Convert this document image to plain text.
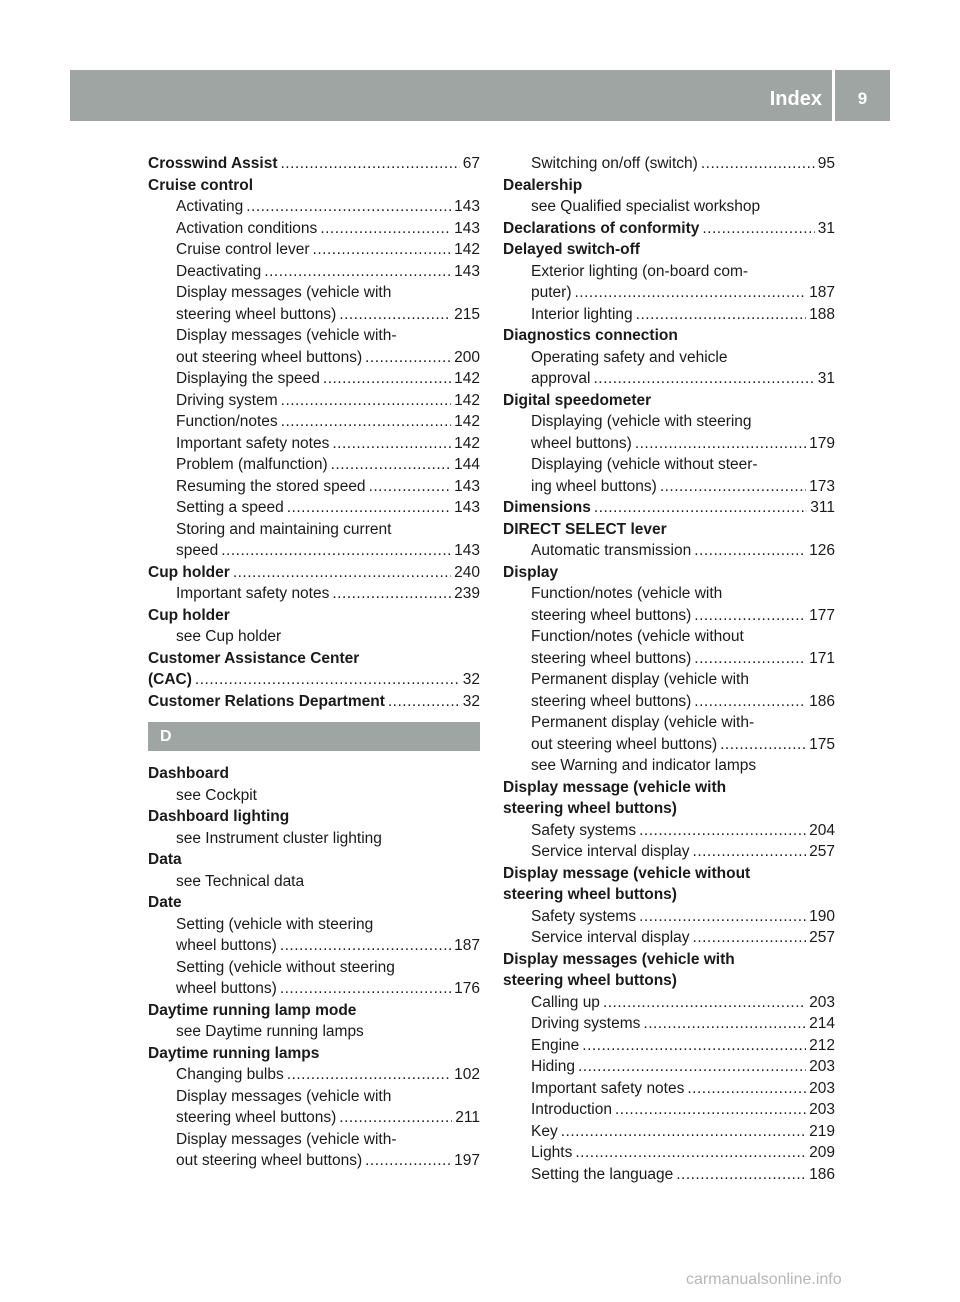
Index	9
Crosswind Assist .....	67
Cruise control
Activating .....	143
Activation conditions .....	143
Cruise control lever .....	142
Deactivating .....	143
Display messages (vehicle with
steering wheel buttons) .....	215
Display messages (vehicle with-
out steering wheel buttons) .....	200
Displaying the speed .....	142
Driving system .....	142
Function/notes .....	142
Important safety notes .....	142
Problem (malfunction) .....	144
Resuming the stored speed .....	143
Setting a speed .....	143
Storing and maintaining current
speed .....	143
Cup holder .....	240
Important safety notes .....	239
Cup holder
see Cup holder
Customer Assistance Center
(CAC) .....	32
Customer Relations Department .....	32
D
Dashboard
see Cockpit
Dashboard lighting
see Instrument cluster lighting
Data
see Technical data
Date
Setting (vehicle with steering
wheel buttons) .....	187
Setting (vehicle without steering
wheel buttons) .....	176
Daytime running lamp mode
see Daytime running lamps
Daytime running lamps
Changing bulbs .....	102
Display messages (vehicle with
steering wheel buttons) .....	211
Display messages (vehicle with-
out steering wheel buttons) .....	197
Switching on/off (switch) .....	95
Dealership
see Qualified specialist workshop
Declarations of conformity .....	31
Delayed switch-off
Exterior lighting (on-board com-
puter) .....	187
Interior lighting .....	188
Diagnostics connection
Operating safety and vehicle
approval .....	31
Digital speedometer
Displaying (vehicle with steering
wheel buttons) .....	179
Displaying (vehicle without steer-
ing wheel buttons) .....	173
Dimensions .....	311
DIRECT SELECT lever
Automatic transmission .....	126
Display
Function/notes (vehicle with
steering wheel buttons) .....	177
Function/notes (vehicle without
steering wheel buttons) .....	171
Permanent display (vehicle with
steering wheel buttons) .....	186
Permanent display (vehicle with-
out steering wheel buttons) .....	175
see Warning and indicator lamps
Display message (vehicle with
steering wheel buttons)
Safety systems .....	204
Service interval display .....	257
Display message (vehicle without
steering wheel buttons)
Safety systems .....	190
Service interval display .....	257
Display messages (vehicle with
steering wheel buttons)
Calling up .....	203
Driving systems .....	214
Engine .....	212
Hiding .....	203
Important safety notes .....	203
Introduction .....	203
Key .....	219
Lights .....	209
Setting the language .....	186
carmanualsonline.info
